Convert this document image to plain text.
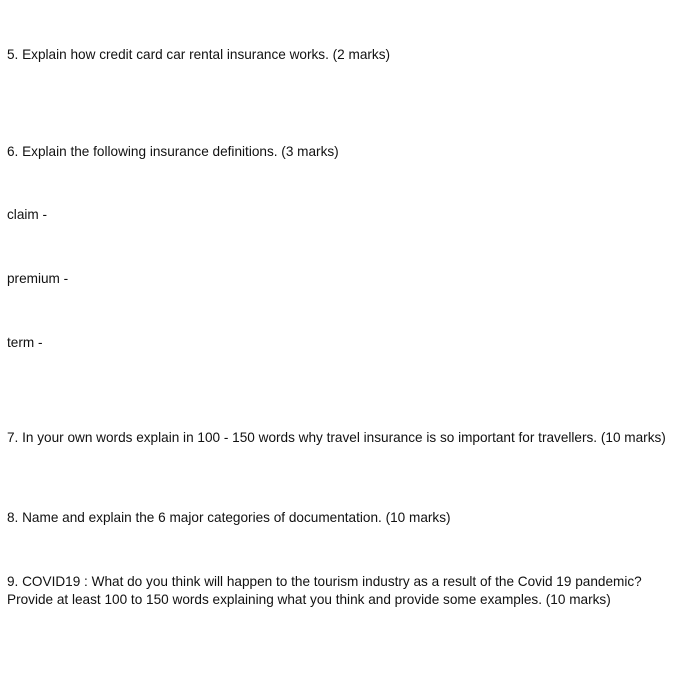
5. Explain how credit card car rental insurance works. (2 marks)

6. Explain the following insurance definitions. (3 marks)

claim -

premium -

term -

7. In your own words explain in 100 - 150 words why travel insurance is so important for travellers. (10 marks)

8. Name and explain the 6 major categories of documentation. (10 marks)

9. COVID19 : What do you think will happen to the tourism industry as a result of the Covid 19 pandemic? Provide at least 100 to 150 words explaining what you think and provide some examples. (10 marks)
